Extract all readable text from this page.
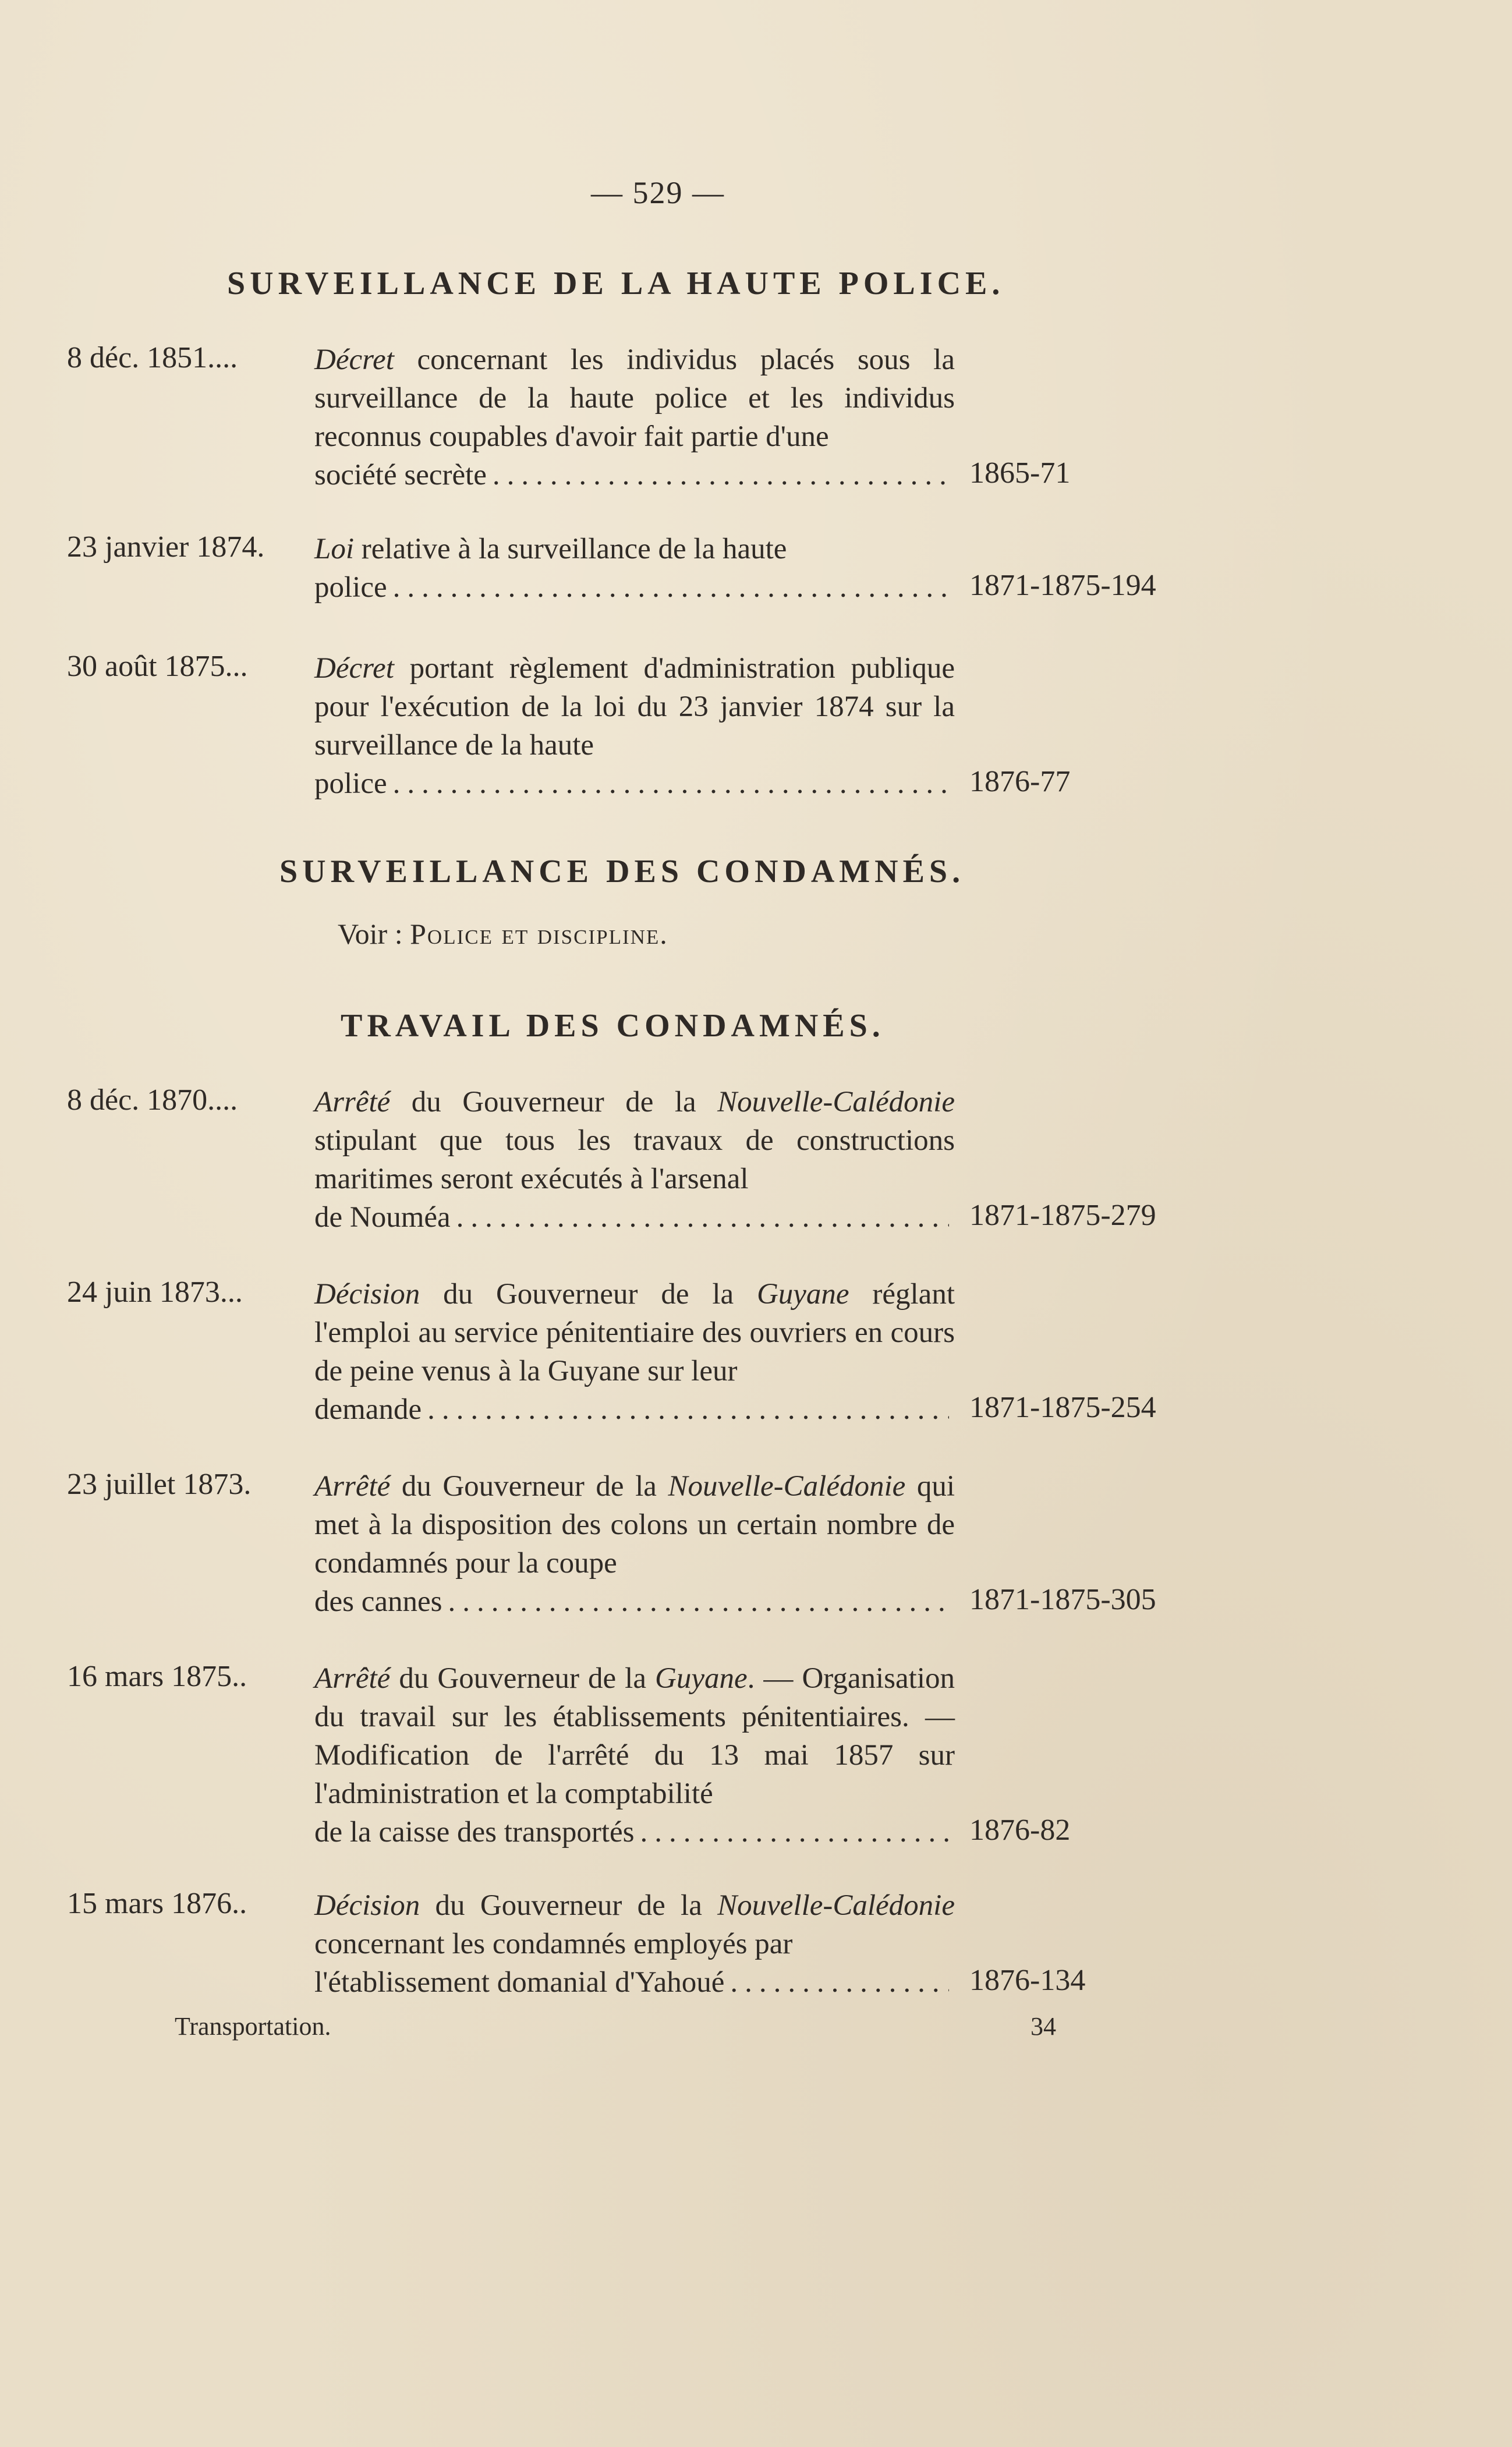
— 529 —
SURVEILLANCE DE LA HAUTE POLICE.
8 déc. 1851....	Décret concernant les individus placés sous la surveillance de la haute police et les individus reconnus coupables d'avoir fait partie d'une

société secrète .....	1865-71
23 janvier 1874. Loi relative à la surveillance de la haute

police .....	1871-1875-194
30 août 1875... Décret portant règlement d'administration publique pour l'exécution de la loi du 23 janvier 1874 sur la surveillance de la haute

police .....	1876-77
SURVEILLANCE DES CONDAMNÉS.
Voir : Police et discipline.
TRAVAIL DES CONDAMNÉS.
8 déc. 1870....	Arrêté du Gouverneur de la Nouvelle-Calédonie stipulant que tous les travaux de constructions maritimes seront exécutés à l'arsenal

de Nouméa .....	1871-1875-279
24 juin 1873... Décision du Gouverneur de la Guyane réglant l'emploi au service pénitentiaire des ouvriers en cours de peine venus à la Guyane sur leur

demande .....	1871-1875-254
23 juillet 1873. Arrêté du Gouverneur de la Nouvelle-Calédonie qui met à la disposition des colons un certain nombre de condamnés pour la coupe

des cannes .....	1871-1875-305
16 mars 1875.. Arrêté du Gouverneur de la Guyane. — Organisation du travail sur les établissements pénitentiaires. — Modification de l'arrêté du 13 mai 1857 sur l'administration et la comptabilité

de la caisse des transportés .....	1876-82
15 mars 1876.. Décision du Gouverneur de la Nouvelle-Calédonie concernant les condamnés employés par

l'établissement domanial d'Yahoué .....	1876-134
Transportation.	34
